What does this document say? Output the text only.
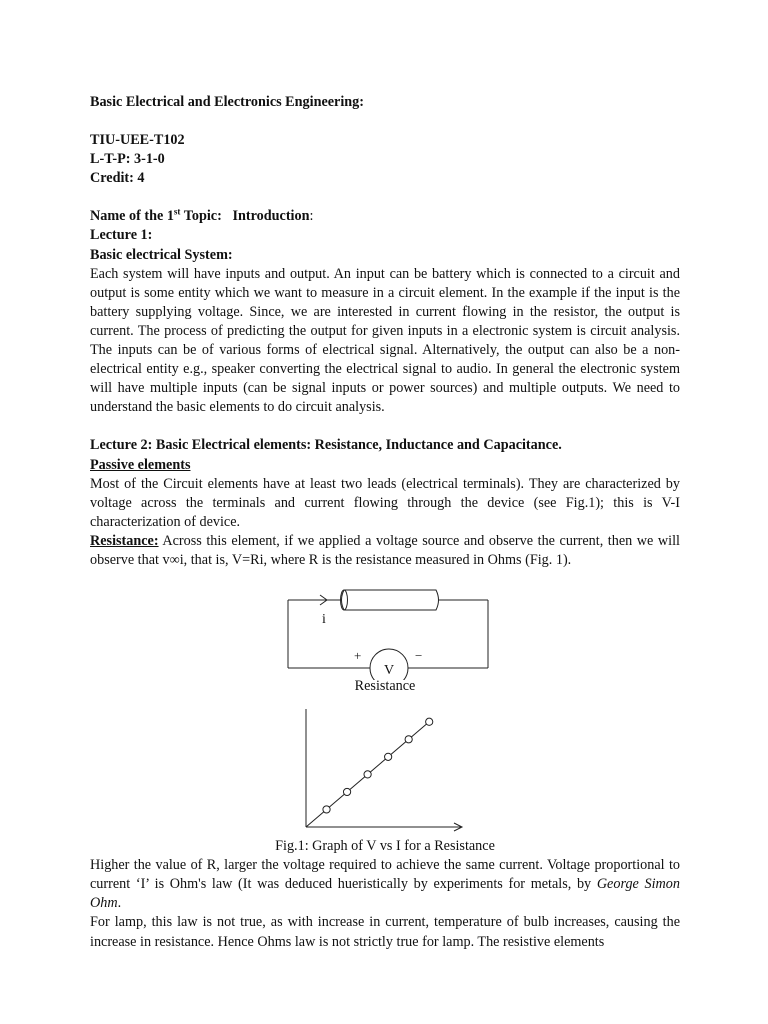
Basic Electrical and Electronics Engineering:

TIU-UEE-T102

L-T-P: 3-1-0

Credit: 4

Name of the 1st Topic: Introduction:

Lecture 1:

Basic electrical System:

Each system will have inputs and output. An input can be battery which is connected to a circuit and output is some entity which we want to measure in a circuit element. In the example if the input is the battery supplying voltage. Since, we are interested in current flowing in the resistor, the output is current. The process of predicting the output for given inputs in a electronic system is circuit analysis. The inputs can be of various forms of electrical signal. Alternatively, the output can also be a non-electrical entity e.g., speaker converting the electrical signal to audio. In general the electronic system will have multiple inputs (can be signal inputs or power sources) and multiple outputs. We need to understand the basic elements to do circuit analysis.

Lecture 2: Basic Electrical elements: Resistance, Inductance and Capacitance.

Passive elements

Most of the Circuit elements have at least two leads (electrical terminals). They are characterized by voltage across the terminals and current flowing through the device (see Fig.1); this is V-I characterization of device.

Resistance: Across this element, if we applied a voltage source and observe the current, then we will observe that v∞i, that is, V=Ri, where R is the resistance measured in Ohms (Fig. 1).

i
+	−
V

Resistance

Fig.1: Graph of V vs I for a Resistance

Higher the value of R, larger the voltage required to achieve the same current. Voltage proportional to current ‘I’ is Ohm's law (It was deduced hueristically by experiments for metals, by George Simon Ohm.

For lamp, this law is not true, as with increase in current, temperature of bulb increases, causing the increase in resistance. Hence Ohms law is not strictly true for lamp. The resistive elements
